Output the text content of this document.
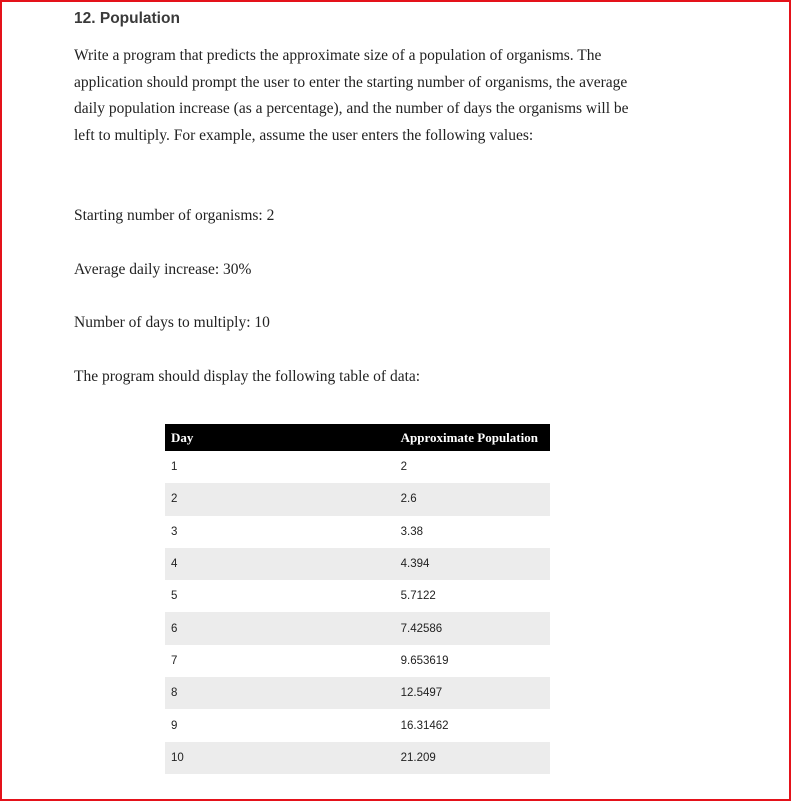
12. Population

Write a program that predicts the approximate size of a population of organisms. The application should prompt the user to enter the starting number of organisms, the average daily population increase (as a percentage), and the number of days the organisms will be left to multiply. For example, assume the user enters the following values:

Starting number of organisms: 2

Average daily increase: 30%

Number of days to multiply: 10

The program should display the following table of data:

Day	Approximate Population
1	2
2	2.6
3	3.38
4	4.394
5	5.7122
6	7.42586
7	9.653619
8	12.5497
9	16.31462
10	21.209
